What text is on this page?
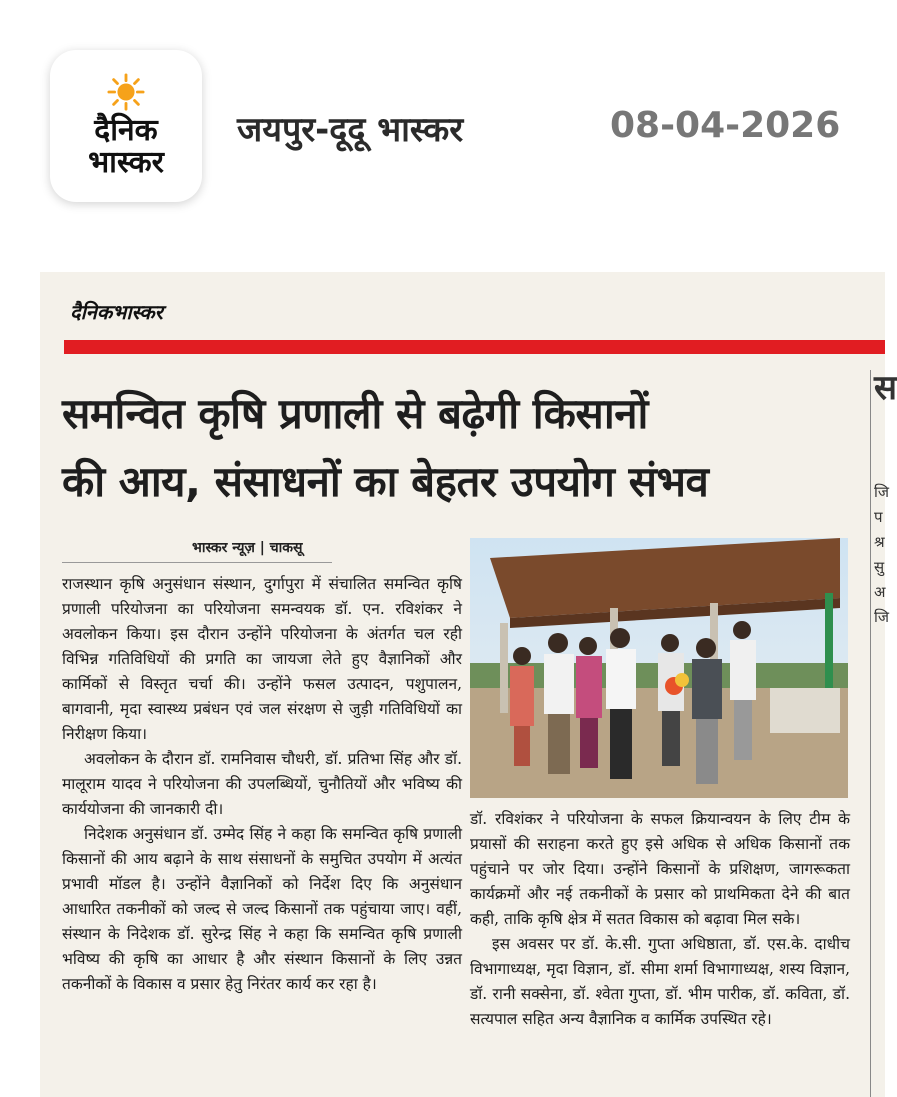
दैनिक
भास्कर
जयपुर-दूदू भास्कर	08-04-2026
दैनिकभास्कर
समन्वित कृषि प्रणाली से बढ़ेगी किसानों
की आय, संसाधनों का बेहतर उपयोग संभव
भास्कर न्यूज़ | चाकसू

राजस्थान कृषि अनुसंधान संस्थान, दुर्गापुरा में संचालित समन्वित कृषि प्रणाली परियोजना का परियोजना समन्वयक डॉ. एन. रविशंकर ने अवलोकन किया। इस दौरान उन्होंने परियोजना के अंतर्गत चल रही विभिन्न गतिविधियों की प्रगति का जायजा लेते हुए वैज्ञानिकों और कार्मिकों से विस्तृत चर्चा की। उन्होंने फसल उत्पादन, पशुपालन, बागवानी, मृदा स्वास्थ्य प्रबंधन एवं जल संरक्षण से जुड़ी गतिविधियों का निरीक्षण किया।

अवलोकन के दौरान डॉ. रामनिवास चौधरी, डॉ. प्रतिभा सिंह और डॉ. मालूराम यादव ने परियोजना की उपलब्धियों, चुनौतियों और भविष्य की कार्ययोजना की जानकारी दी।

निदेशक अनुसंधान डॉ. उम्मेद सिंह ने कहा कि समन्वित कृषि प्रणाली किसानों की आय बढ़ाने के साथ संसाधनों के समुचित उपयोग में अत्यंत प्रभावी मॉडल है। उन्होंने वैज्ञानिकों को निर्देश दिए कि अनुसंधान आधारित तकनीकों को जल्द से जल्द किसानों तक पहुंचाया जाए। वहीं, संस्थान के निदेशक डॉ. सुरेन्द्र सिंह ने कहा कि समन्वित कृषि प्रणाली भविष्य की कृषि का आधार है और संस्थान किसानों के लिए उन्नत तकनीकों के विकास व प्रसार हेतु निरंतर कार्य कर रहा है।

डॉ. रविशंकर ने परियोजना के सफल क्रियान्वयन के लिए टीम के प्रयासों की सराहना करते हुए इसे अधिक से अधिक किसानों तक पहुंचाने पर जोर दिया। उन्होंने किसानों के प्रशिक्षण, जागरूकता कार्यक्रमों और नई तकनीकों के प्रसार को प्राथमिकता देने की बात कही, ताकि कृषि क्षेत्र में सतत विकास को बढ़ावा मिल सके।

इस अवसर पर डॉ. के.सी. गुप्ता अधिष्ठाता, डॉ. एस.के. दाधीच विभागाध्यक्ष, मृदा विज्ञान, डॉ. सीमा शर्मा विभागाध्यक्ष, शस्य विज्ञान, डॉ. रानी सक्सेना, डॉ. श्वेता गुप्ता, डॉ. भीम पारीक, डॉ. कविता, डॉ. सत्यपाल सहित अन्य वैज्ञानिक व कार्मिक उपस्थित रहे।

स
जि
प
श्र
सु
अ
जि
